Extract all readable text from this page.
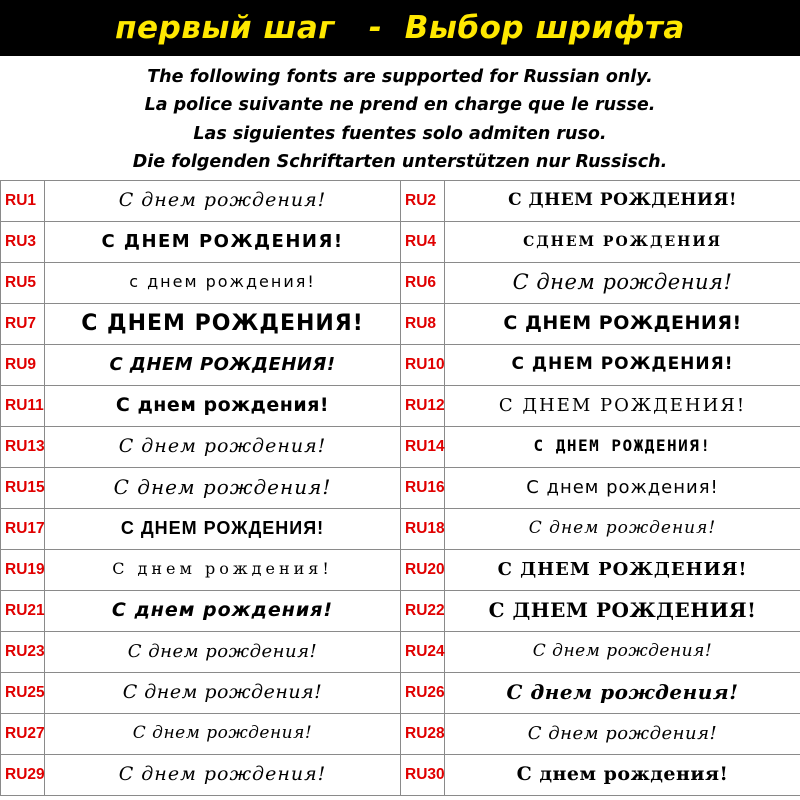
первый шаг   -  Выбор шрифта
The following fonts are supported for Russian only.
La police suivante ne prend en charge que le russe.
Las siguientes fuentes solo admiten ruso.
Die folgenden Schriftarten unterstützen nur Russisch.
RU1	С днем рождения!	RU2	С ДНЕМ РОЖДЕНИЯ!
RU3	С ДНЕМ РОЖДЕНИЯ!	RU4	СДНЕМ РОЖДЕНИЯ
RU5	с днем рождения!	RU6	С днем рождения!
RU7	С ДНЕМ РОЖДЕНИЯ!	RU8	С ДНЕМ РОЖДЕНИЯ!
RU9	С ДНЕМ РОЖДЕНИЯ!	RU10	С ДНЕМ РОЖДЕНИЯ!
RU11	С днем рождения!	RU12	С ДНЕМ РОЖДЕНИЯ!
RU13	С днем рождения!	RU14	С ДНЕМ РОЖДЕНИЯ!
RU15	С днем рождения!	RU16	С днем рождения!
RU17	С ДНЕМ РОЖДЕНИЯ!	RU18	С днем рождения!
RU19	С днем рождения!	RU20	С ДНЕМ РОЖДЕНИЯ!
RU21	С днем рождения!	RU22	С ДНЕМ РОЖДЕНИЯ!
RU23	С днем рождения!	RU24	С днем рождения!
RU25	С днем рождения!	RU26	С днем рождения!
RU27	С днем рождения!	RU28	С днем рождения!
RU29	С днем рождения!	RU30	С днем рождения!
